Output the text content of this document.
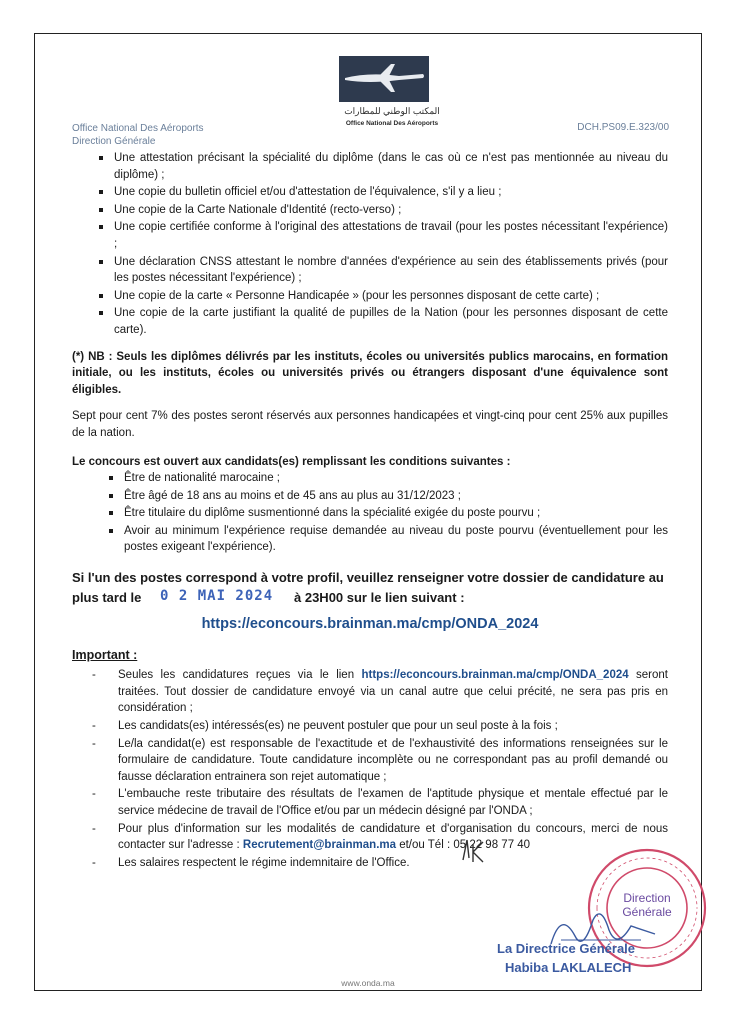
المكتب الوطني للمطارات
Office National Des Aéroports
Office National Des Aéroports
Direction Générale
DCH.PS09.E.323/00
Une attestation précisant la spécialité du diplôme (dans le cas où ce n'est pas mentionnée au niveau du diplôme) ;
Une copie du bulletin officiel et/ou d'attestation de l'équivalence, s'il y a lieu ;
Une copie de la Carte Nationale d'Identité (recto-verso) ;
Une copie certifiée conforme à l'original des attestations de travail (pour les postes nécessitant l'expérience) ;
Une déclaration CNSS attestant le nombre d'années d'expérience au sein des établissements privés (pour les postes nécessitant l'expérience) ;
Une copie de la carte « Personne Handicapée » (pour les personnes disposant de cette carte) ;
Une copie de la carte justifiant la qualité de pupilles de la Nation (pour les personnes disposant de cette carte).
(*) NB : Seuls les diplômes délivrés par les instituts, écoles ou universités publics marocains, en formation initiale, ou les instituts, écoles ou universités privés ou étrangers disposant d'une équivalence sont éligibles.
Sept pour cent 7% des postes seront réservés aux personnes handicapées et vingt-cinq pour cent 25% aux pupilles de la nation.
Le concours est ouvert aux candidats(es) remplissant les conditions suivantes :
Être de nationalité marocaine ;
Être âgé de 18 ans au moins et de 45 ans au plus au 31/12/2023 ;
Être titulaire du diplôme susmentionné dans la spécialité exigée du poste pourvu ;
Avoir au minimum l'expérience requise demandée au niveau du poste pourvu (éventuellement pour les postes exigeant l'expérience).
Si l'un des postes correspond à votre profil, veuillez renseigner votre dossier de candidature au
plus tard le 0 2 MAI 2024 à 23H00 sur le lien suivant :
https://econcours.brainman.ma/cmp/ONDA_2024
Important :
- Seules les candidatures reçues via le lien https://econcours.brainman.ma/cmp/ONDA_2024 seront traitées. Tout dossier de candidature envoyé via un canal autre que celui précité, ne sera pas pris en considération ;
- Les candidats(es) intéressés(es) ne peuvent postuler que pour un seul poste à la fois ;
- Le/la candidat(e) est responsable de l'exactitude et de l'exhaustivité des informations renseignées sur le formulaire de candidature. Toute candidature incomplète ou ne correspondant pas au profil demandé ou fausse déclaration entrainera son rejet automatique ;
- L'embauche reste tributaire des résultats de l'examen de l'aptitude physique et mentale effectué par le service médecine de travail de l'Office et/ou par un médecin désigné par l'ONDA ;
- Pour plus d'information sur les modalités de candidature et d'organisation du concours, merci de nous contacter sur l'adresse : Recrutement@brainman.ma et/ou Tél : 05 22 98 77 40
- Les salaires respectent le régime indemnitaire de l'Office.
Direction
Générale
La Directrice Générale
Habiba LAKLALECH
www.onda.ma
